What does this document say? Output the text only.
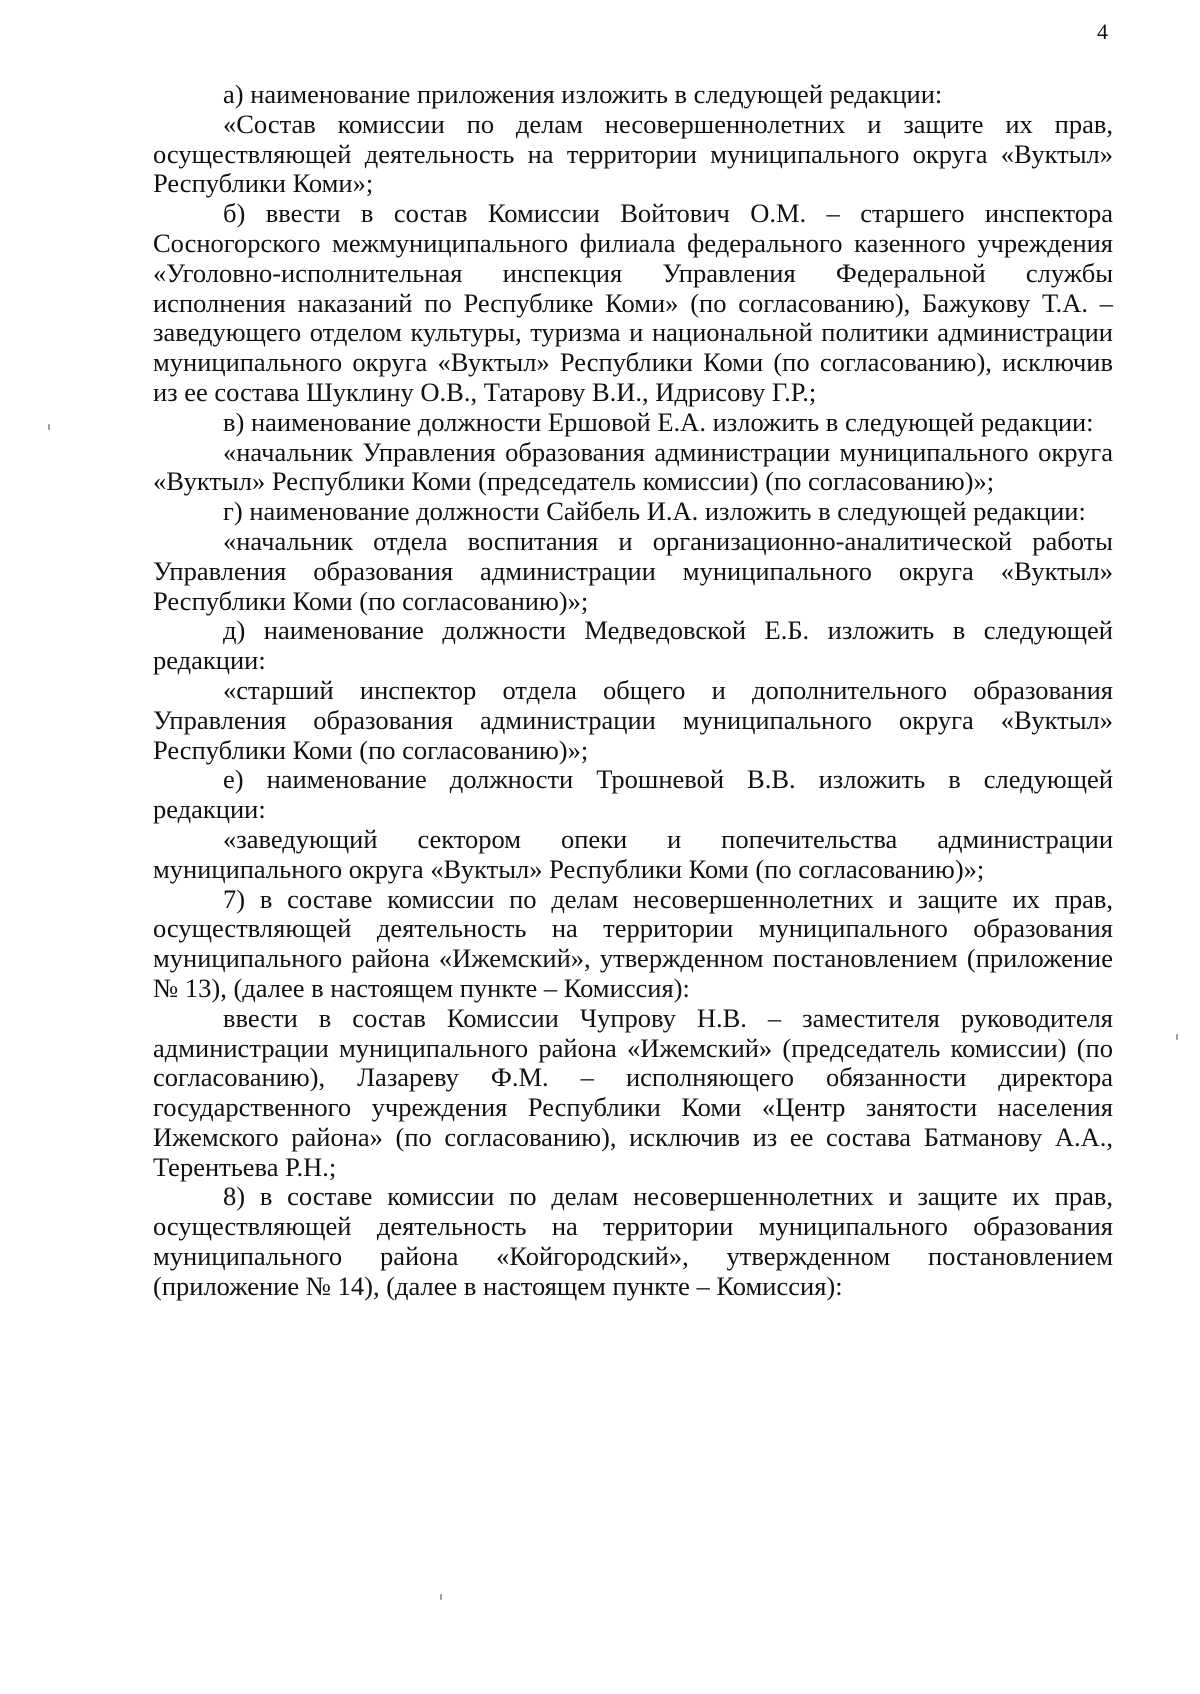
4

а) наименование приложения изложить в следующей редакции:

«Состав комиссии по делам несовершеннолетних и защите их прав, осуществляющей деятельность на территории муниципального округа «Вуктыл» Республики Коми»;

б) ввести в состав Комиссии Войтович О.М. – старшего инспектора Сосногорского межмуниципального филиала федерального казенного учреждения «Уголовно-исполнительная инспекция Управления Федеральной службы исполнения наказаний по Республике Коми» (по согласованию), Бажукову Т.А. – заведующего отделом культуры, туризма и национальной политики администрации муниципального округа «Вуктыл» Республики Коми (по согласованию), исключив из ее состава Шуклину О.В., Татарову В.И., Идрисову Г.Р.;

в) наименование должности Ершовой Е.А. изложить в следующей редакции:

«начальник Управления образования администрации муниципального округа «Вуктыл» Республики Коми (председатель комиссии) (по согласованию)»;

г) наименование должности Сайбель И.А. изложить в следующей редакции:

«начальник отдела воспитания и организационно-аналитической работы Управления образования администрации муниципального округа «Вуктыл» Республики Коми (по согласованию)»;

д) наименование должности Медведовской Е.Б. изложить в следующей редакции:

«старший инспектор отдела общего и дополнительного образования Управления образования администрации муниципального округа «Вуктыл» Республики Коми (по согласованию)»;

е) наименование должности Трошневой В.В. изложить в следующей редакции:

«заведующий сектором опеки и попечительства администрации муниципального округа «Вуктыл» Республики Коми (по согласованию)»;

7) в составе комиссии по делам несовершеннолетних и защите их прав, осуществляющей деятельность на территории муниципального образования муниципального района «Ижемский», утвержденном постановлением (приложение № 13), (далее в настоящем пункте – Комиссия):

ввести в состав Комиссии Чупрову Н.В. – заместителя руководителя администрации муниципального района «Ижемский» (председатель комиссии) (по согласованию), Лазареву Ф.М. – исполняющего обязанности директора государственного учреждения Республики Коми «Центр занятости населения Ижемского района» (по согласованию), исключив из ее состава Батманову А.А., Терентьева Р.Н.;

8) в составе комиссии по делам несовершеннолетних и защите их прав, осуществляющей деятельность на территории муниципального образования муниципального района «Койгородский», утвержденном постановлением (приложение № 14), (далее в настоящем пункте – Комиссия):
